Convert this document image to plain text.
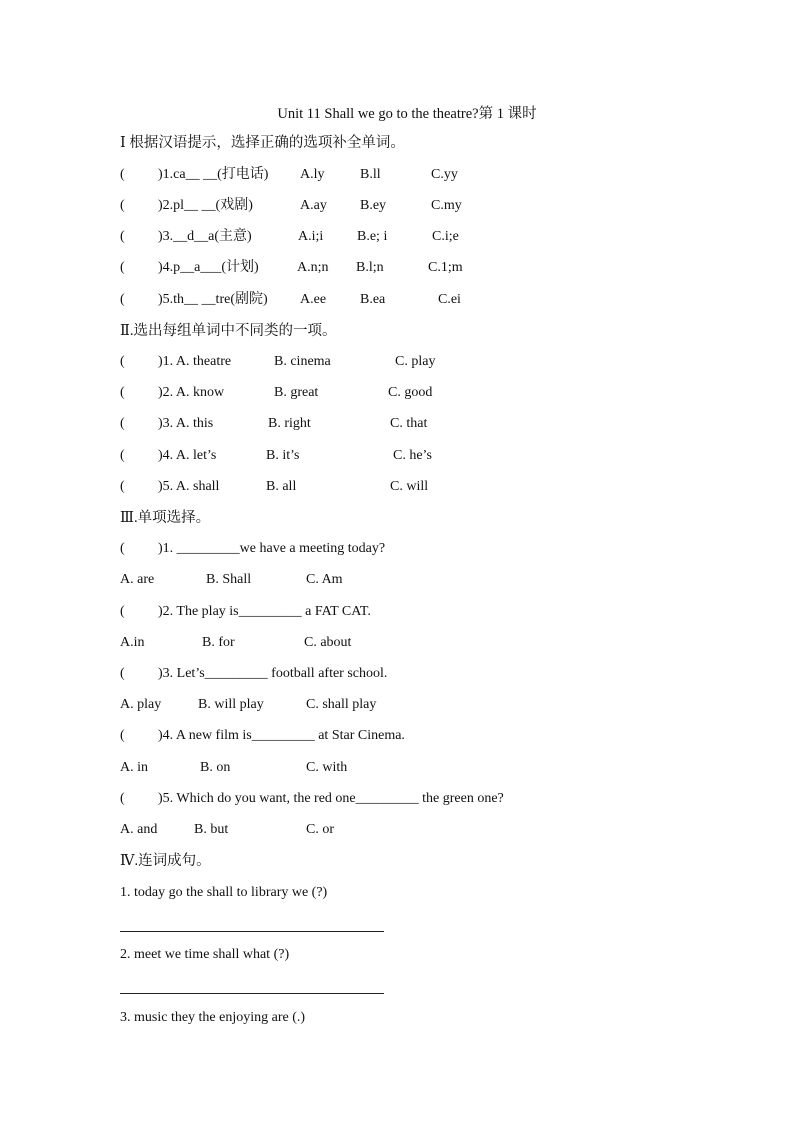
Unit 11 Shall we go to the theatre?第 1 课时
Ⅰ 根据汉语提示，选择正确的选项补全单词。
( )1.ca__ __(打电话) A.ly	B.ll	C.yy
( )2.pl__ __(戏剧)	A.ay B.ey	C.my
( )3.__d__a(主意)	A.i;i B.e; i	C.i;e
( )4.p__a___(计划)	A.n;n B.l;n	C.1;m
( )5.th__ __tre(剧院) A.ee B.ea	C.ei
Ⅱ.选出每组单词中不同类的一项。
( )1. A. theatre	B. cinema	C. play
( )2. A. know	B. great	C. good
( )3. A. this	B. right	C. that
( )4. A. let’s	B. it’s	C. he’s
( )5. A. shall	B. all	C. will
Ⅲ.单项选择。
( )1. _________we have a meeting today?
A. are	B. Shall	C. Am
( )2. The play is_________ a FAT CAT.
A.in	B. for	C. about
( )3. Let’s_________ football after school.
A. play	B. will play	C. shall play
( )4. A new film is_________ at Star Cinema.
A. in	B. on	C. with
( )5. Which do you want, the red one_________ the green one?
A. and	B. but	C. or
Ⅳ.连词成句。
1. today go the shall to library we (?)
2. meet we time shall what (?)
3. music they the enjoying are (.)
